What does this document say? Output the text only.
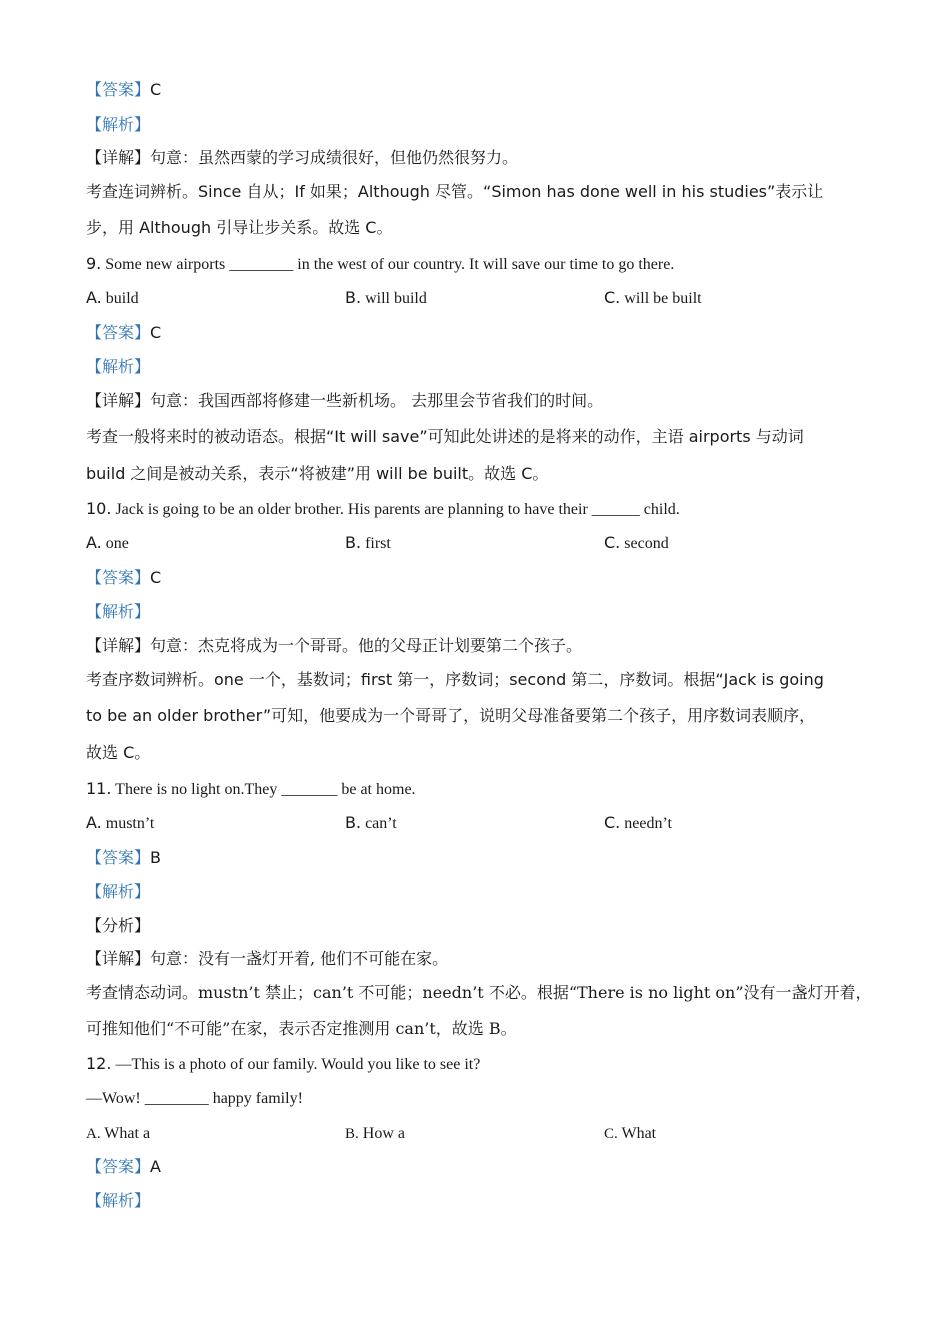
【答案】C
【解析】
【详解】句意：虽然西蒙的学习成绩很好，但他仍然很努力。
考查连词辨析。Since 自从；If 如果；Although 尽管。“Simon has done well in his studies”表示让
步，用 Although 引导让步关系。故选 C。
9. Some new airports ________ in the west of our country. It will save our time to go there.
A. build	B. will build	C. will be built
【答案】C
【解析】
【详解】句意：我国西部将修建一些新机场。 去那里会节省我们的时间。
考查一般将来时的被动语态。根据“It will save”可知此处讲述的是将来的动作，主语 airports 与动词
build 之间是被动关系，表示“将被建”用 will be built。故选 C。
10. Jack is going to be an older brother. His parents are planning to have their ______ child.
A. one	B. first	C. second
【答案】C
【解析】
【详解】句意：杰克将成为一个哥哥。他的父母正计划要第二个孩子。
考查序数词辨析。one 一个，基数词；first 第一，序数词；second 第二，序数词。根据“Jack is going
to be an older brother”可知，他要成为一个哥哥了，说明父母准备要第二个孩子，用序数词表顺序，
故选 C。
11. There is no light on.They _______ be at home.
A. mustn’t	B. can’t	C. needn’t
【答案】B
【解析】
【分析】
【详解】句意：没有一盏灯开着, 他们不可能在家。
考查情态动词。mustn’t 禁止；can’t 不可能；needn’t 不必。根据“There is no light on”没有一盏灯开着，
可推知他们“不可能”在家，表示否定推测用 can’t，故选 B。
12. —This is a photo of our family. Would you like to see it?
—Wow! ________ happy family!
A. What a	B. How a	C. What
【答案】A
【解析】
